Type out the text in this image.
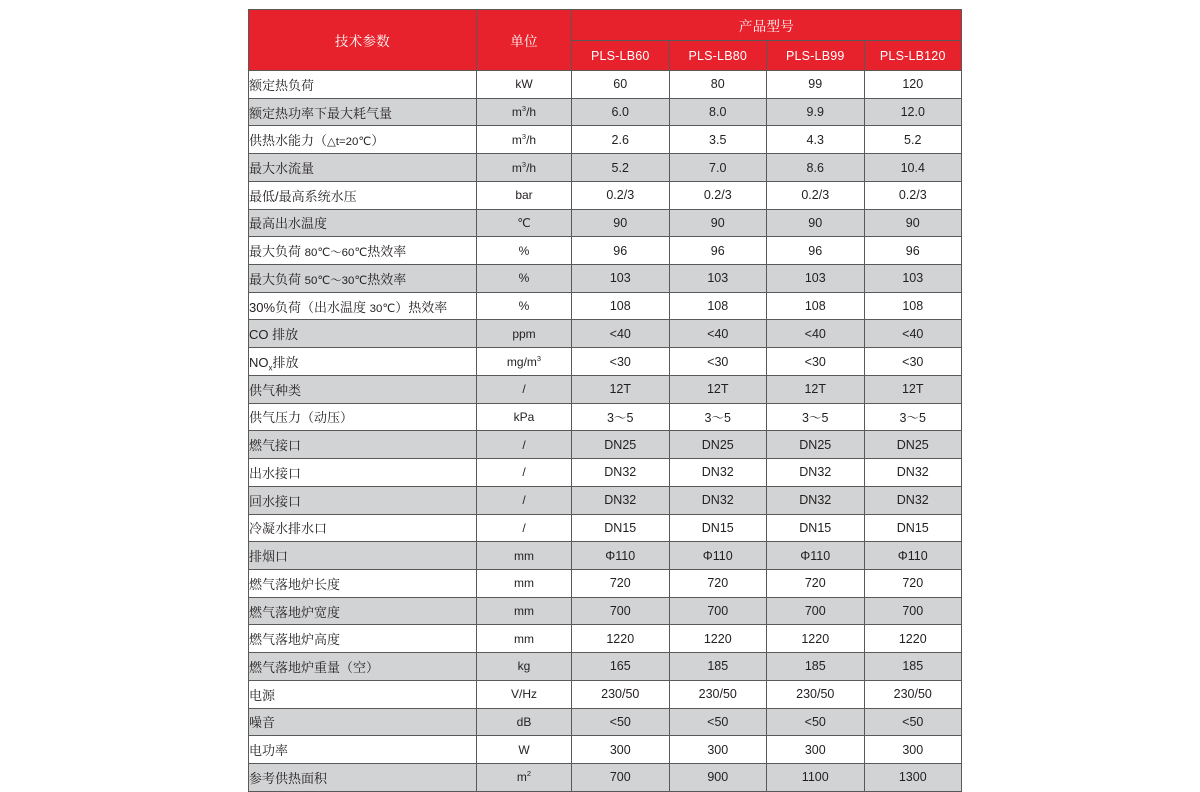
技术参数	单位	产品型号			
		PLS-LB60	PLS-LB80	PLS-LB99	PLS-LB120
额定热负荷	kW	60	80	99	120
额定热功率下最大耗气量	$m^3/h$	6.0	8.0	9.9	12.0
供热水能力（△t=20℃）	$m^3/h$	2.6	3.5	4.3	5.2
最大水流量	$m^3/h$	5.2	7.0	8.6	10.4
最低/最高系统水压	bar	0.2/3	0.2/3	0.2/3	0.2/3
最高出水温度	℃	90	90	90	90
最大负荷 80℃～60℃热效率	%	96	96	96	96
最大负荷 50℃～30℃热效率	%	103	103	103	103
30%负荷（出水温度 30℃）热效率	%	108	108	108	108
CO 排放	ppm	<40	<40	<40	<40
$NO_x$排放	$mg/m^3$	<30	<30	<30	<30
供气种类	/	12T	12T	12T	12T
供气压力（动压）	kPa	3～5	3～5	3～5	3～5
燃气接口	/	DN25	DN25	DN25	DN25
出水接口	/	DN32	DN32	DN32	DN32
回水接口	/	DN32	DN32	DN32	DN32
冷凝水排水口	/	DN15	DN15	DN15	DN15
排烟口	mm	Φ110	Φ110	Φ110	Φ110
燃气落地炉长度	mm	720	720	720	720
燃气落地炉宽度	mm	700	700	700	700
燃气落地炉高度	mm	1220	1220	1220	1220
燃气落地炉重量（空）	kg	165	185	185	185
电源	V/Hz	230/50	230/50	230/50	230/50
噪音	dB	<50	<50	<50	<50
电功率	W	300	300	300	300
参考供热面积	$m^2$	700	900	1100	1300
